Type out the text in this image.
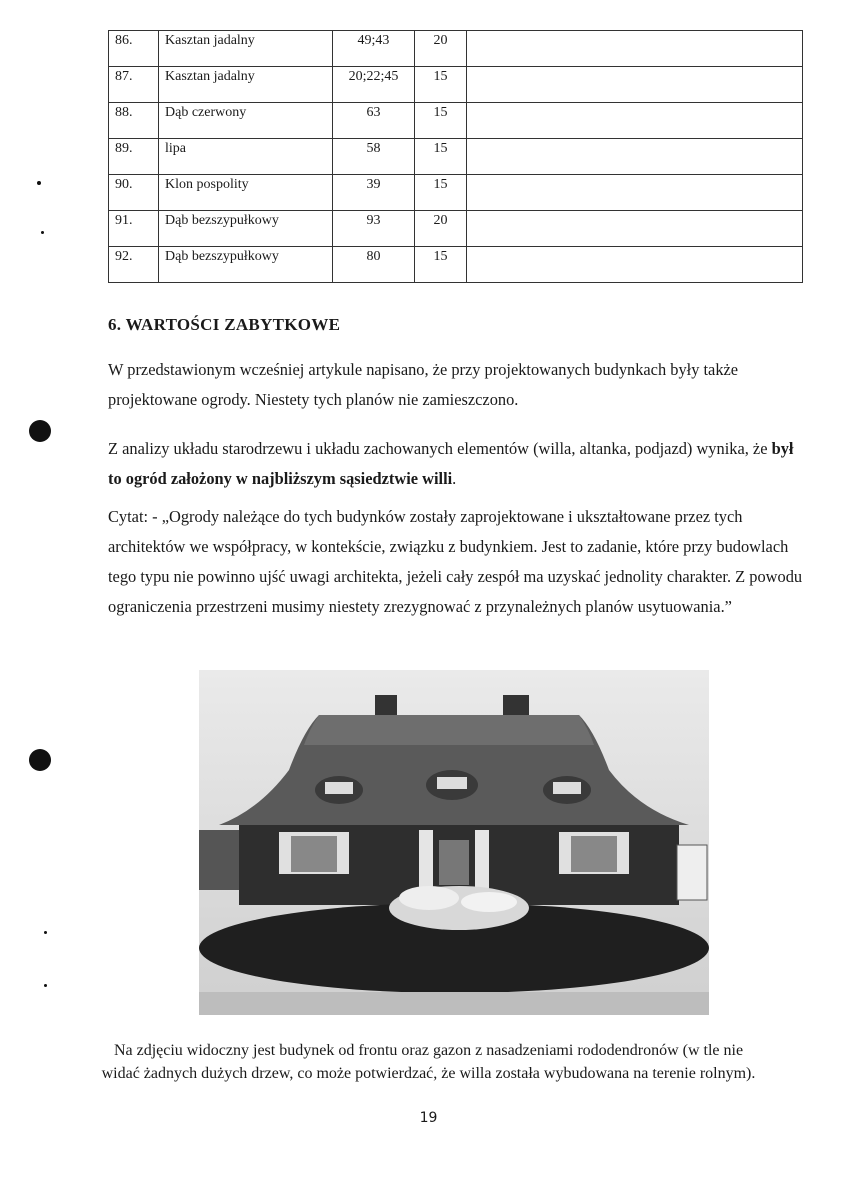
86.	Kasztan jadalny	49;43	20	
87.	Kasztan jadalny	20;22;45	15	
88.	Dąb czerwony	63	15	
89.	lipa	58	15	
90.	Klon pospolity	39	15	
91.	Dąb bezszypułkowy	93	20	
92.	Dąb bezszypułkowy	80	15	
6. WARTOŚCI ZABYTKOWE
W przedstawionym wcześniej artykule napisano, że przy projektowanych budynkach były także projektowane ogrody. Niestety tych planów nie zamieszczono.
Z analizy układu starodrzewu i układu zachowanych elementów (willa, altanka, podjazd) wynika, że był to ogród założony w najbliższym sąsiedztwie willi.
Cytat: - „Ogrody należące do tych budynków zostały zaprojektowane i ukształtowane przez tych architektów we współpracy, w kontekście, związku z budynkiem. Jest to zadanie, które przy budowlach tego typu nie powinno ujść uwagi architekta, jeżeli cały zespół ma uzyskać jednolity charakter. Z powodu ograniczenia przestrzeni musimy niestety zrezygnować z przynależnych planów usytuowania.”
Na zdjęciu widoczny jest budynek od frontu oraz gazon z nasadzeniami rododendronów (w tle nie widać żadnych dużych drzew, co może potwierdzać, że willa została wybudowana na terenie rolnym).
19
